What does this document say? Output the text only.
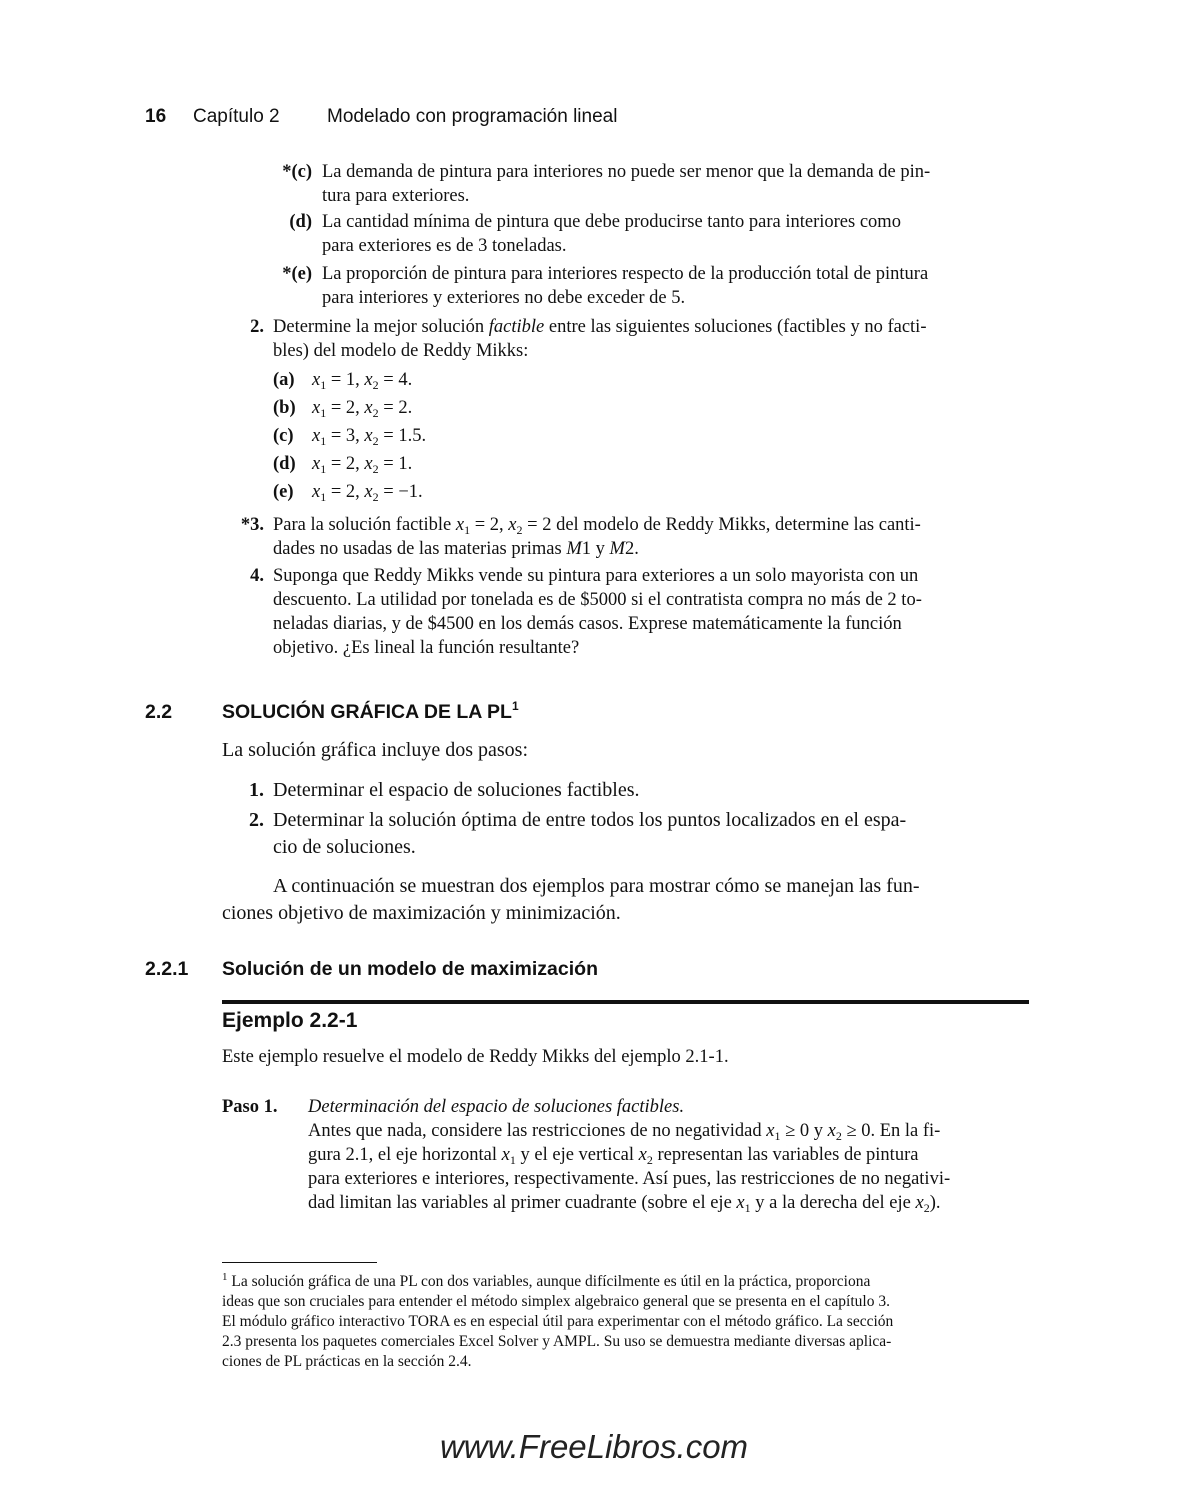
16 Capítulo 2 Modelado con programación lineal
*(c) La demanda de pintura para interiores no puede ser menor que la demanda de pin-
tura para exteriores.
(d) La cantidad mínima de pintura que debe producirse tanto para interiores como
para exteriores es de 3 toneladas.
*(e) La proporción de pintura para interiores respecto de la producción total de pintura
para interiores y exteriores no debe exceder de 5.
2. Determine la mejor solución factible entre las siguientes soluciones (factibles y no facti-
bles) del modelo de Reddy Mikks:
(a) $x_1 = 1$, $x_2 = 4$.
(b) $x_1 = 2$, $x_2 = 2$.
(c) $x_1 = 3$, $x_2 = 1.5$.
(d) $x_1 = 2$, $x_2 = 1$.
(e) $x_1 = 2$, $x_2 = -1$.
*3. Para la solución factible $x_1 = 2$, $x_2 = 2$ del modelo de Reddy Mikks, determine las canti-
dades no usadas de las materias primas M1 y M2.
4. Suponga que Reddy Mikks vende su pintura para exteriores a un solo mayorista con un
descuento. La utilidad por tonelada es de $5000 si el contratista compra no más de 2 to-
neladas diarias, y de $4500 en los demás casos. Exprese matemáticamente la función
objetivo. ¿Es lineal la función resultante?
2.2	SOLUCIÓN GRÁFICA DE LA $PL^1$
La solución gráfica incluye dos pasos:
1. Determinar el espacio de soluciones factibles.
2. Determinar la solución óptima de entre todos los puntos localizados en el espa-
cio de soluciones.
A continuación se muestran dos ejemplos para mostrar cómo se manejan las fun-
ciones objetivo de maximización y minimización.
2.2.1 Solución de un modelo de maximización
Ejemplo 2.2-1
Este ejemplo resuelve el modelo de Reddy Mikks del ejemplo 2.1-1.
Paso 1. Determinación del espacio de soluciones factibles.
Antes que nada, considere las restricciones de no negatividad $x_1 \ge 0$ y $x_2 \ge 0$. En la fi-
gura 2.1, el eje horizontal $x_1$ y el eje vertical $x_2$ representan las variables de pintura
para exteriores e interiores, respectivamente. Así pues, las restricciones de no negativi-
dad limitan las variables al primer cuadrante (sobre el eje $x_1$ y a la derecha del eje $x_2$).
$^1$ La solución gráfica de una PL con dos variables, aunque difícilmente es útil en la práctica, proporciona
ideas que son cruciales para entender el método simplex algebraico general que se presenta en el capítulo 3.
El módulo gráfico interactivo TORA es en especial útil para experimentar con el método gráfico. La sección
2.3 presenta los paquetes comerciales Excel Solver y AMPL. Su uso se demuestra mediante diversas aplica-
ciones de PL prácticas en la sección 2.4.
www.FreeLibros.com
